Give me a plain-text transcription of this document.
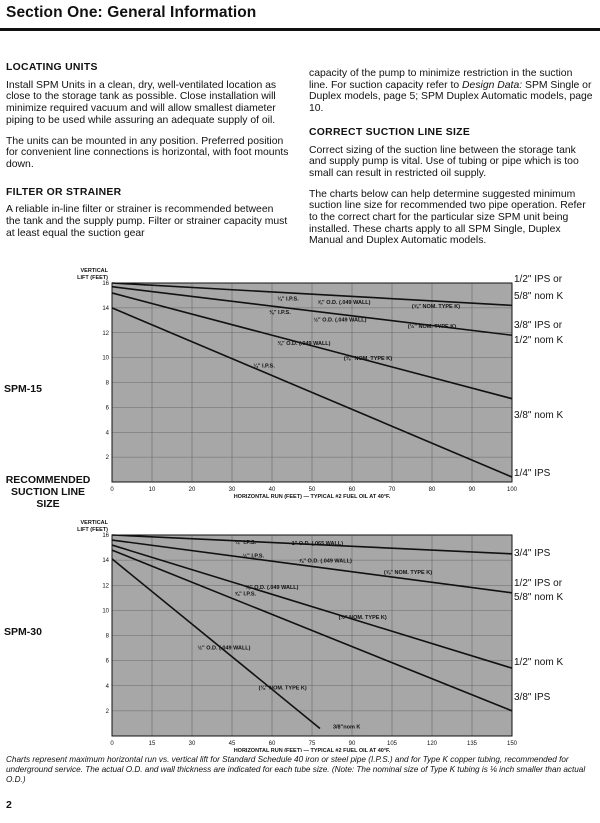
Section One: General Information
LOCATING UNITS

Install SPM Units in a clean, dry, well-ventilated location as close to the storage tank as possible. Close installation will minimize required vacuum and will allow smallest diameter piping to be used while assuring an adequate supply of oil.

The units can be mounted in any position. Preferred position for convenient line connections is horizontal, with foot mounts down.

FILTER OR STRAINER

A reliable in-line filter or strainer is recommended between the tank and the supply pump. Filter or strainer capacity must at least equal the suction gear

capacity of the pump to minimize restriction in the suction line. For suction capacity refer to Design Data: SPM Single or Duplex models, page 5; SPM Duplex Automatic models, page 10.

CORRECT SUCTION LINE SIZE

Correct sizing of the suction line between the storage tank and supply pump is vital. Use of tubing or pipe which is too small can result in restricted oil supply.

The charts below can help determine suggested minimum suction line size for recommended two pipe operation. Refer to the correct chart for the particular size SPM unit being installed. These charts apply to all SPM Single, Duplex Manual and Duplex Automatic models.

SPM-15
RECOMMENDED SUCTION LINE SIZE
SPM-30
0	10	20	30	40	50	60	70	80	90	100
2
4
6
8
10
12
14
16
¼" I.P.S.
⅝" O.D. (.049 WALL)
(⅝" NOM. TYPE K)
⅜" I.P.S.
½" O.D. (.049 WALL)
(½" NOM. TYPE K)
⅜" O.D. (.049 WALL)
(⅜" NOM. TYPE K)
¼" I.P.S.
VERTICAL
LIFT (FEET)
HORIZONTAL RUN (FEET) — TYPICAL #2 FUEL OIL AT 40°F.
1/2" IPS or
5/8" nom K
3/8" IPS or
1/2" nom K
3/8" nom K
1/4" IPS
0	15	30	45	60	75	90	105	120	135	150
2
4
6
8
10
12
14
16
¾" I.P.S.	1" O.D. (.065 WALL)
½" I.P.S.
⅞" O.D. (.049 WALL)
(⅝" NOM. TYPE K)
⅝" O.D. (.049 WALL)
⅝" I.P.S.
(½" NOM. TYPE K)
½" O.D. (.049 WALL)
(⅜" NOM. TYPE K)
3/8"nom K
VERTICAL
LIFT (FEET)
HORIZONTAL RUN (FEET) — TYPICAL #2 FUEL OIL AT 40°F.
3/4" IPS
1/2" IPS or
5/8" nom K
1/2" nom K
3/8" IPS
Charts represent maximum horizontal run vs. vertical lift for Standard Schedule 40 iron or steel pipe (I.P.S.) and for Type K copper tubing, recommended for underground service. The actual O.D. and wall thickness are indicated for each tube size. (Note: The nominal size of Type K tubing is ⅛ inch smaller than actual O.D.)
2
